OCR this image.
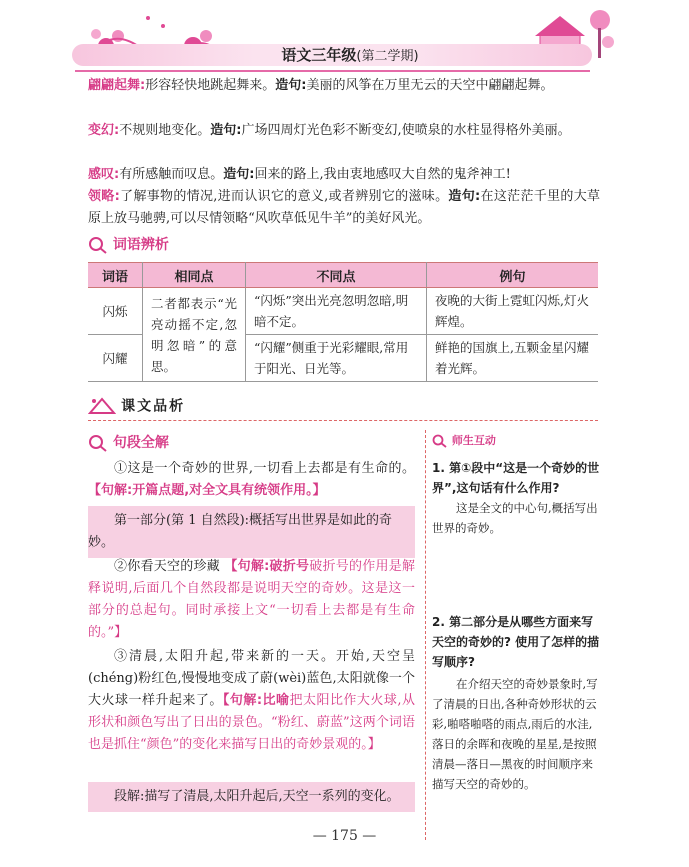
语文三年级(第二学期)
翩翩起舞:形容轻快地跳起舞来。造句:美丽的风筝在万里无云的天空中翩翩起舞。
变幻:不规则地变化。造句:广场四周灯光色彩不断变幻,使喷泉的水柱显得格外美丽。
感叹:有所感触而叹息。造句:回来的路上,我由衷地感叹大自然的鬼斧神工!
领略:了解事物的情况,进而认识它的意义,或者辨别它的滋味。造句:在这茫茫千里的大草原上放马驰骋,可以尽情领略“风吹草低见牛羊”的美好风光。
词语辨析
词语	相同点	不同点	例句
闪烁	二者都表示“光亮动摇不定,忽明忽暗”的意思。	“闪烁”突出光亮忽明忽暗,明暗不定。	夜晚的大街上霓虹闪烁,灯火辉煌。
闪耀		“闪耀”侧重于光彩耀眼,常用于阳光、日光等。	鲜艳的国旗上,五颗金星闪耀着光辉。
课文品析
句段全解
①这是一个奇妙的世界,一切看上去都是有生命的。【句解:开篇点题,对全文具有统领作用。】
第一部分(第 1 自然段):概括写出世界是如此的奇妙。
②你看天空的珍藏 【句解:破折号破折号的作用是解释说明,后面几个自然段都是说明天空的奇妙。这是这一部分的总起句。同时承接上文“一切看上去都是有生命的。”】
③清晨,太阳升起,带来新的一天。开始,天空呈(chéng)粉红色,慢慢地变成了蔚(wèi)蓝色,太阳就像一个大火球一样升起来了。【句解:比喻把太阳比作大火球,从形状和颜色写出了日出的景色。“粉红、蔚蓝”这两个词语也是抓住“颜色”的变化来描写日出的奇妙景观的。】
段解:描写了清晨,太阳升起后,天空一系列的变化。
师生互动
1. 第①段中“这是一个奇妙的世界”,这句话有什么作用?
这是全文的中心句,概括写出世界的奇妙。
2. 第二部分是从哪些方面来写天空的奇妙的? 使用了怎样的描写顺序?
在介绍天空的奇妙景象时,写了清晨的日出,各种奇妙形状的云彩,啪嗒啪嗒的雨点,雨后的水洼,落日的余晖和夜晚的星星,是按照清晨—落日—黑夜的时间顺序来描写天空的奇妙的。
— 175 —
